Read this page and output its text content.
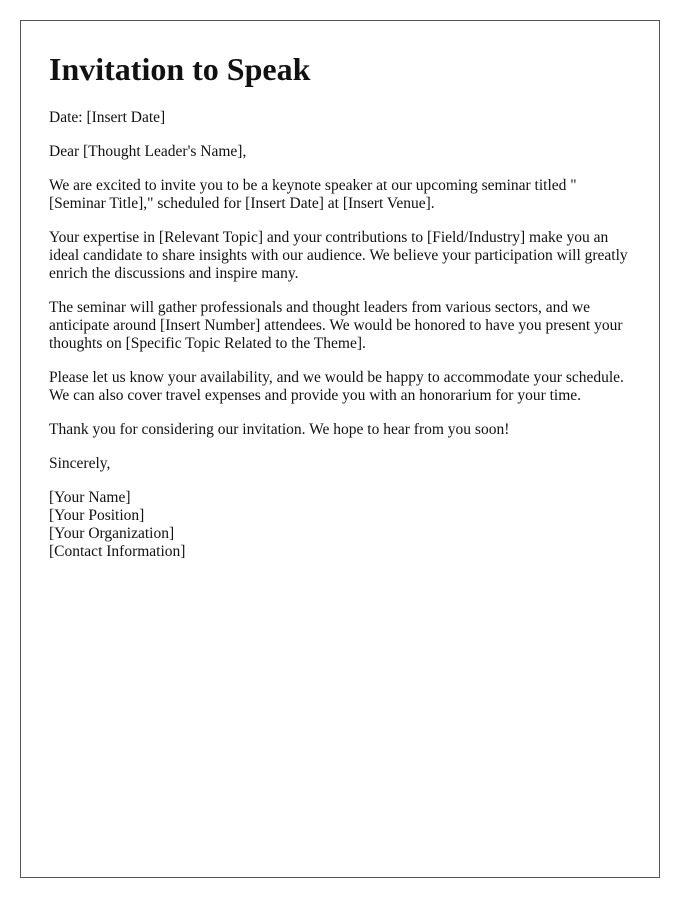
Invitation to Speak

Date: [Insert Date]

Dear [Thought Leader's Name],

We are excited to invite you to be a keynote speaker at our upcoming seminar titled "[Seminar Title]," scheduled for [Insert Date] at [Insert Venue].

Your expertise in [Relevant Topic] and your contributions to [Field/Industry] make you an ideal candidate to share insights with our audience. We believe your participation will greatly enrich the discussions and inspire many.

The seminar will gather professionals and thought leaders from various sectors, and we anticipate around [Insert Number] attendees. We would be honored to have you present your thoughts on [Specific Topic Related to the Theme].

Please let us know your availability, and we would be happy to accommodate your schedule. We can also cover travel expenses and provide you with an honorarium for your time.

Thank you for considering our invitation. We hope to hear from you soon!

Sincerely,

[Your Name]
[Your Position]
[Your Organization]
[Contact Information]
